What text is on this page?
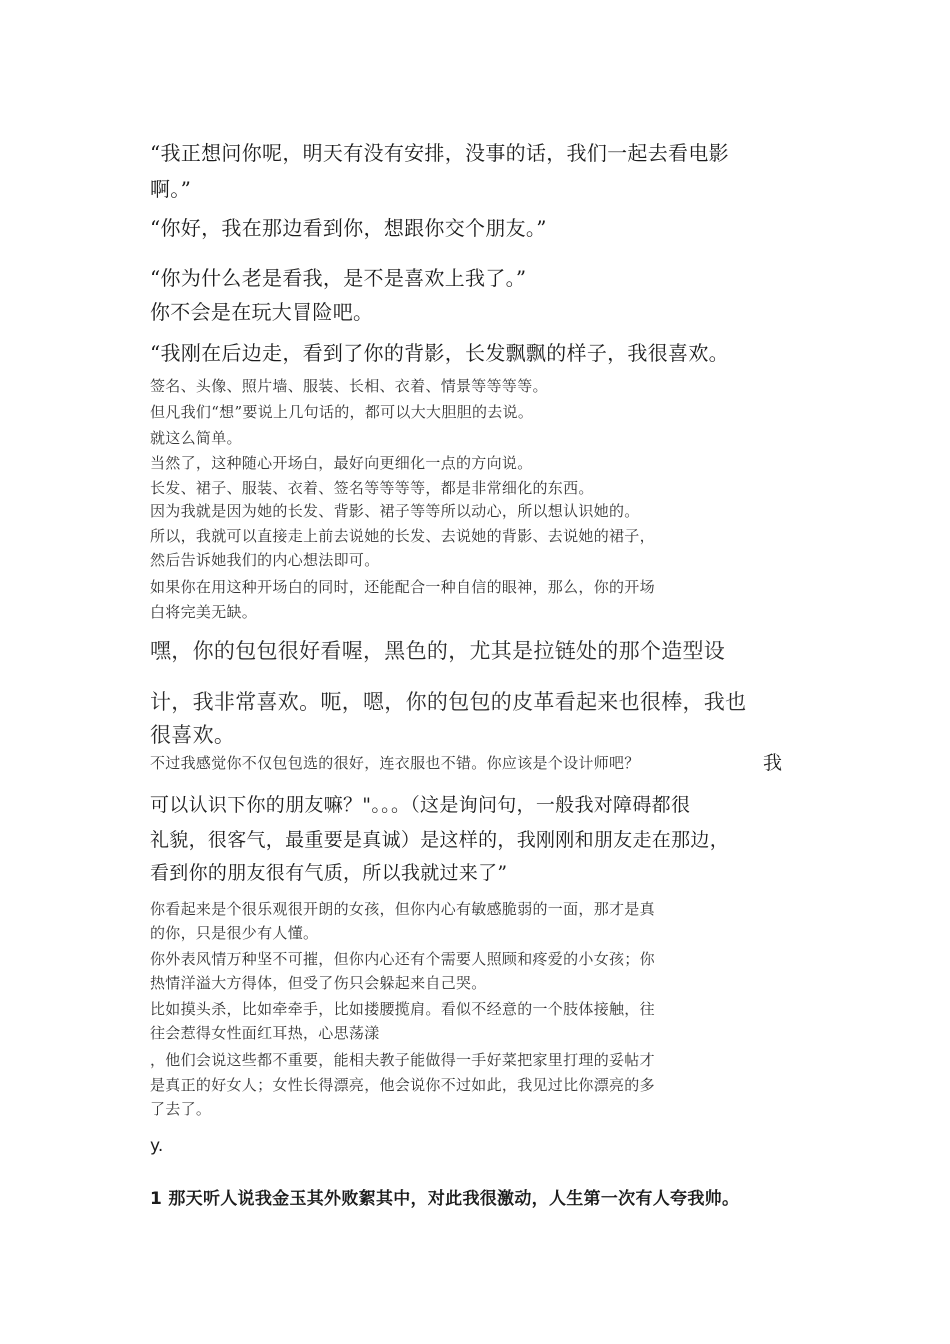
“我正想问你呢，明天有没有安排，没事的话，我们一起去看电影

啊。”

“你好，我在那边看到你，想跟你交个朋友。”

“你为什么老是看我，是不是喜欢上我了。”

你不会是在玩大冒险吧。

“我刚在后边走，看到了你的背影，长发飘飘的样子，我很喜欢。

签名、头像、照片墙、服装、长相、衣着、情景等等等等。

但凡我们“想”要说上几句话的，都可以大大胆胆的去说。

就这么简单。

当然了，这种随心开场白，最好向更细化一点的方向说。

长发、裙子、服装、衣着、签名等等等等，都是非常细化的东西。

因为我就是因为她的长发、背影、裙子等等所以动心，所以想认识她的。

所以，我就可以直接走上前去说她的长发、去说她的背影、去说她的裙子，

然后告诉她我们的内心想法即可。

如果你在用这种开场白的同时，还能配合一种自信的眼神，那么，你的开场

白将完美无缺。

嘿，你的包包很好看喔，黑色的，尤其是拉链处的那个造型设

计，我非常喜欢。呃，嗯，你的包包的皮革看起来也很棒，我也

很喜欢。

不过我感觉你不仅包包选的很好，连衣服也不错。你应该是个设计师吧？	我

可以认识下你的朋友嘛？"。。。（这是询问句，一般我对障碍都很

礼貌，很客气，最重要是真诚）是这样的，我刚刚和朋友走在那边，

看到你的朋友很有气质，所以我就过来了”

你看起来是个很乐观很开朗的女孩，但你内心有敏感脆弱的一面，那才是真

的你，只是很少有人懂。

你外表风情万种坚不可摧，但你内心还有个需要人照顾和疼爱的小女孩；你

热情洋溢大方得体，但受了伤只会躲起来自己哭。

比如摸头杀，比如牵牵手，比如搂腰揽肩。看似不经意的一个肢体接触，往

往会惹得女性面红耳热，心思荡漾

，他们会说这些都不重要，能相夫教子能做得一手好菜把家里打理的妥帖才

是真正的好女人；女性长得漂亮，他会说你不过如此，我见过比你漂亮的多

了去了。

y.

1 那天听人说我金玉其外败絮其中，对此我很激动，人生第一次有人夸我帅。
